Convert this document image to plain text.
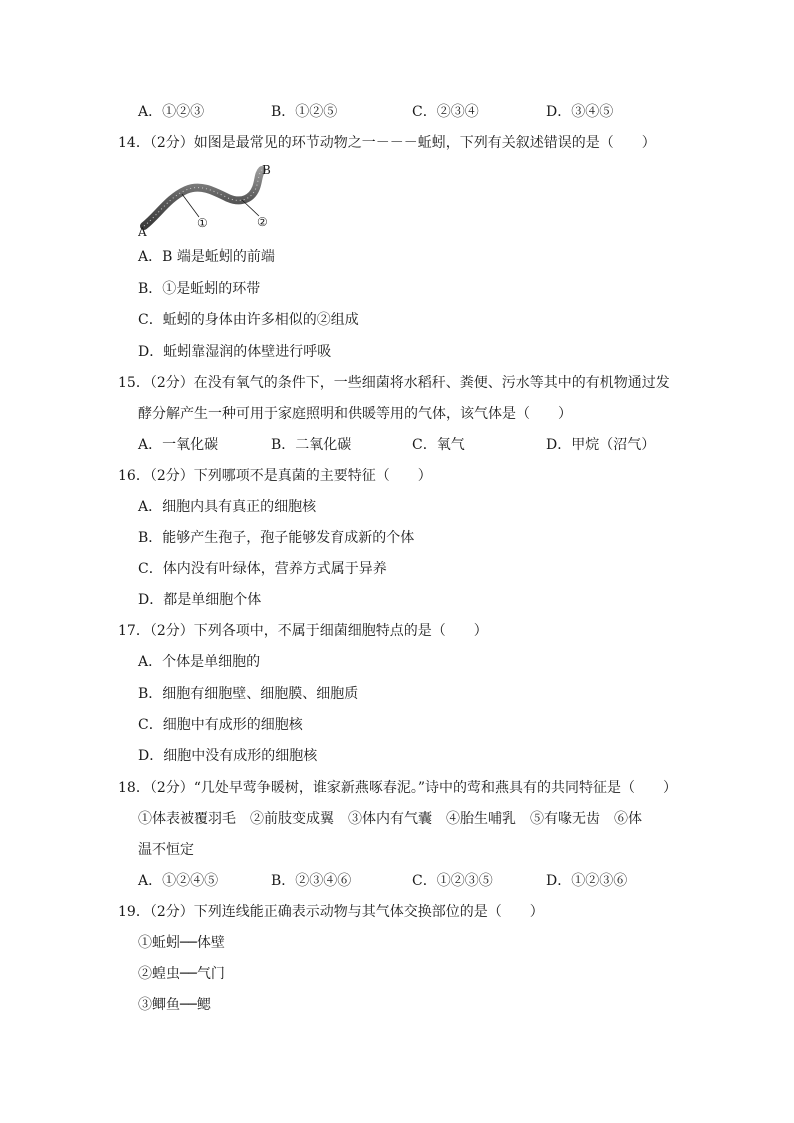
A．①②③	B．①②⑤	C．②③④	D．③④⑤
14．（2分）如图是最常见的环节动物之一－－－蚯蚓，下列有关叙述错误的是（　　）
A
B
①	②
A．B 端是蚯蚓的前端
B．①是蚯蚓的环带
C．蚯蚓的身体由许多相似的②组成
D．蚯蚓靠湿润的体壁进行呼吸
15．（2分）在没有氧气的条件下，一些细菌将水稻秆、粪便、污水等其中的有机物通过发
酵分解产生一种可用于家庭照明和供暖等用的气体，该气体是（　　）
A．一氧化碳	B．二氧化碳	C．氧气	D．甲烷（沼气）
16．（2分）下列哪项不是真菌的主要特征（　　）
A．细胞内具有真正的细胞核
B．能够产生孢子，孢子能够发育成新的个体
C．体内没有叶绿体，营养方式属于异养
D．都是单细胞个体
17．（2分）下列各项中，不属于细菌细胞特点的是（　　）
A．个体是单细胞的
B．细胞有细胞壁、细胞膜、细胞质
C．细胞中有成形的细胞核
D．细胞中没有成形的细胞核
18．（2分）“几处早莺争暖树，谁家新燕啄春泥。”诗中的莺和燕具有的共同特征是（　　）
①体表被覆羽毛　②前肢变成翼　③体内有气囊　④胎生哺乳　⑤有喙无齿　⑥体
温不恒定
A．①②④⑤	B．②③④⑥	C．①②③⑤	D．①②③⑥
19．（2分）下列连线能正确表示动物与其气体交换部位的是（　　）
①蚯蚓──体壁
②蝗虫──气门
③鲫鱼──鳃
